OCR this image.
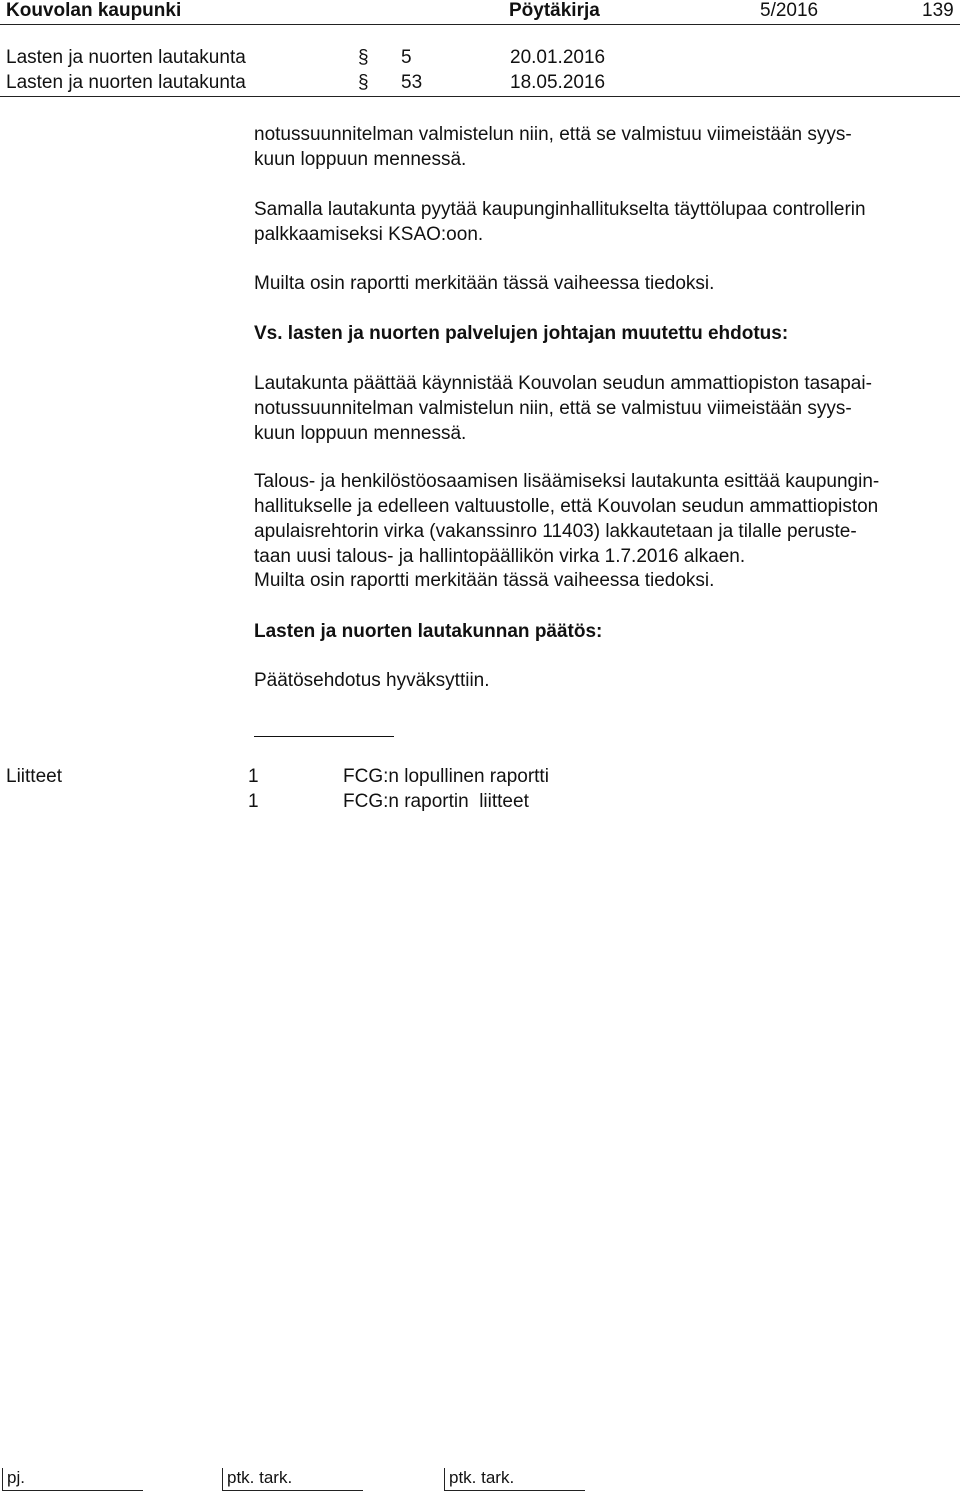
Kouvolan kaupunki	Pöytäkirja	5/2016	139
Lasten ja nuorten lautakunta	§ 5	20.01.2016
Lasten ja nuorten lautakunta	§ 53	18.05.2016
notussuunnitelman valmistelun niin, että se valmistuu viimeistään syys-
kuun loppuun mennessä.
Samalla lautakunta pyytää kaupunginhallitukselta täyttölupaa controllerin
palkkaamiseksi KSAO:oon.
Muilta osin raportti merkitään tässä vaiheessa tiedoksi.
Vs. lasten ja nuorten palvelujen johtajan muutettu ehdotus:
Lautakunta päättää käynnistää Kouvolan seudun ammattiopiston tasapai-
notussuunnitelman valmistelun niin, että se valmistuu viimeistään syys-
kuun loppuun mennessä.
Talous- ja henkilöstöosaamisen lisäämiseksi lautakunta esittää kaupungin-
hallitukselle ja edelleen valtuustolle, että Kouvolan seudun ammattiopiston
apulaisrehtorin virka (vakanssinro 11403) lakkautetaan ja tilalle peruste-
taan uusi talous- ja hallintopäällikön virka 1.7.2016 alkaen.
Muilta osin raportti merkitään tässä vaiheessa tiedoksi.
Lasten ja nuorten lautakunnan päätös:
Päätösehdotus hyväksyttiin.
Liitteet	1	FCG:n lopullinen raportti
1	FCG:n raportin  liitteet
pj.	ptk. tark.	ptk. tark.
